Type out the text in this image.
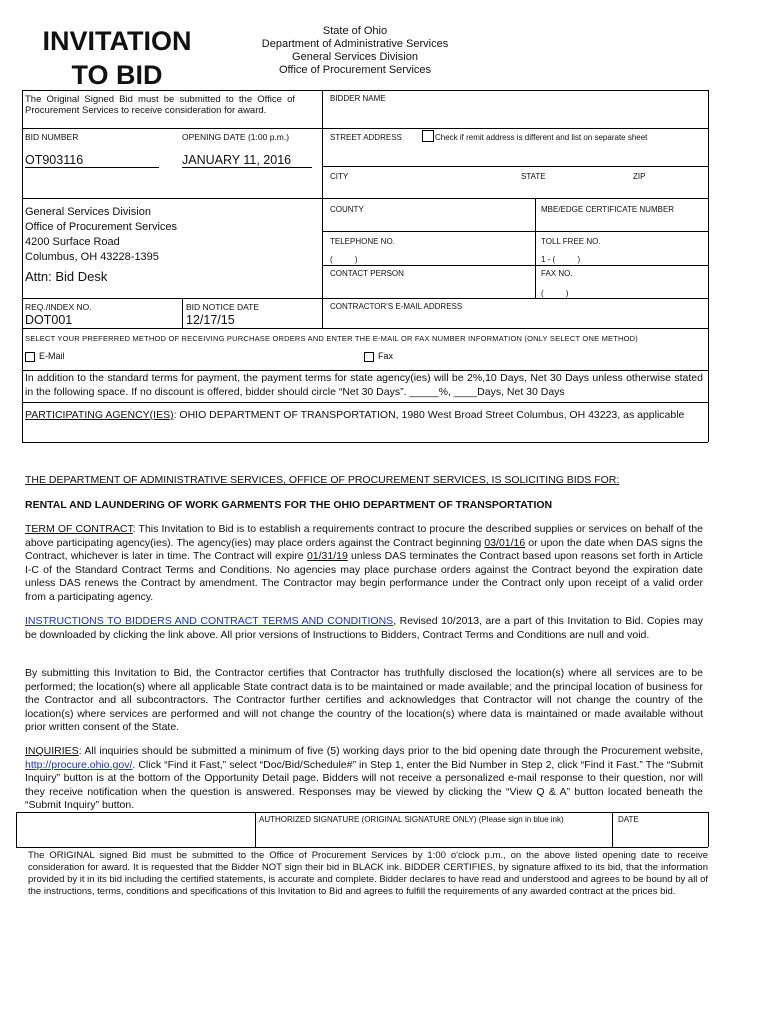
INVITATION
TO BID
State of Ohio
Department of Administrative Services
General Services Division
Office of Procurement Services
The Original Signed Bid must be submitted to the Office of Procurement Services to receive consideration for award.
BID NUMBER	OPENING DATE (1:00 p.m.)
OT903116	JANUARY 11, 2016
General Services Division
Office of Procurement Services
4200 Surface Road
Columbus, OH 43228-1395
Attn: Bid Desk
REQ./INDEX NO.
DOT001
BID NOTICE DATE
12/17/15
BIDDER NAME
STREET ADDRESS	Check if remit address is different and list on separate sheet
CITY	STATE	ZIP
COUNTY	MBE/EDGE CERTIFICATE NUMBER
TELEPHONE NO.
(          )
TOLL FREE NO.
1 - (          )
CONTACT PERSON	FAX NO.
(          )
CONTRACTOR'S E-MAIL ADDRESS
SELECT YOUR PREFERRED METHOD OF RECEIVING PURCHASE ORDERS AND ENTER THE E-MAIL OR FAX NUMBER INFORMATION (ONLY SELECT ONE METHOD)
E-Mail	Fax
In addition to the standard terms for payment, the payment terms for state agency(ies) will be 2%,10 Days, Net 30 Days unless otherwise stated in the following space. If no discount is offered, bidder should circle “Net 30 Days”. _____%, ____Days, Net 30 Days
PARTICIPATING AGENCY(IES): OHIO DEPARTMENT OF TRANSPORTATION, 1980 West Broad Street Columbus, OH 43223, as applicable
THE DEPARTMENT OF ADMINISTRATIVE SERVICES, OFFICE OF PROCUREMENT SERVICES, IS SOLICITING BIDS FOR:
RENTAL AND LAUNDERING OF WORK GARMENTS FOR THE OHIO DEPARTMENT OF TRANSPORTATION
TERM OF CONTRACT: This Invitation to Bid is to establish a requirements contract to procure the described supplies or services on behalf of the above participating agency(ies). The agency(ies) may place orders against the Contract beginning 03/01/16 or upon the date when DAS signs the Contract, whichever is later in time. The Contract will expire 01/31/19 unless DAS terminates the Contract based upon reasons set forth in Article I-C of the Standard Contract Terms and Conditions. No agencies may place purchase orders against the Contract beyond the expiration date unless DAS renews the Contract by amendment. The Contractor may begin performance under the Contract only upon receipt of a valid order from a participating agency.
INSTRUCTIONS TO BIDDERS AND CONTRACT TERMS AND CONDITIONS, Revised 10/2013, are a part of this Invitation to Bid. Copies may be downloaded by clicking the link above. All prior versions of Instructions to Bidders, Contract Terms and Conditions are null and void.
By submitting this Invitation to Bid, the Contractor certifies that Contractor has truthfully disclosed the location(s) where all services are to be performed; the location(s) where all applicable State contract data is to be maintained or made available; and the principal location of business for the Contractor and all subcontractors. The Contractor further certifies and acknowledges that Contractor will not change the country of the location(s) where services are performed and will not change the country of the location(s) where data is maintained or made available without prior written consent of the State.
INQUIRIES: All inquiries should be submitted a minimum of five (5) working days prior to the bid opening date through the Procurement website, http://procure.ohio.gov/. Click “Find it Fast,” select “Doc/Bid/Schedule#” in Step 1, enter the Bid Number in Step 2, click “Find it Fast.” The “Submit Inquiry” button is at the bottom of the Opportunity Detail page. Bidders will not receive a personalized e-mail response to their question, nor will they receive notification when the question is answered. Responses may be viewed by clicking the “View Q & A” button located beneath the “Submit Inquiry” button.
AUTHORIZED SIGNATURE (ORIGINAL SIGNATURE ONLY) (Please sign in blue ink)	DATE
The ORIGINAL signed Bid must be submitted to the Office of Procurement Services by 1:00 o'clock p.m., on the above listed opening date to receive consideration for award. It is requested that the Bidder NOT sign their bid in BLACK ink. BIDDER CERTIFIES, by signature affixed to its bid, that the information provided by it in its bid including the certified statements, is accurate and complete. Bidder declares to have read and understood and agrees to be bound by all of the instructions, terms, conditions and specifications of this Invitation to Bid and agrees to fulfill the requirements of any awarded contract at the prices bid.
